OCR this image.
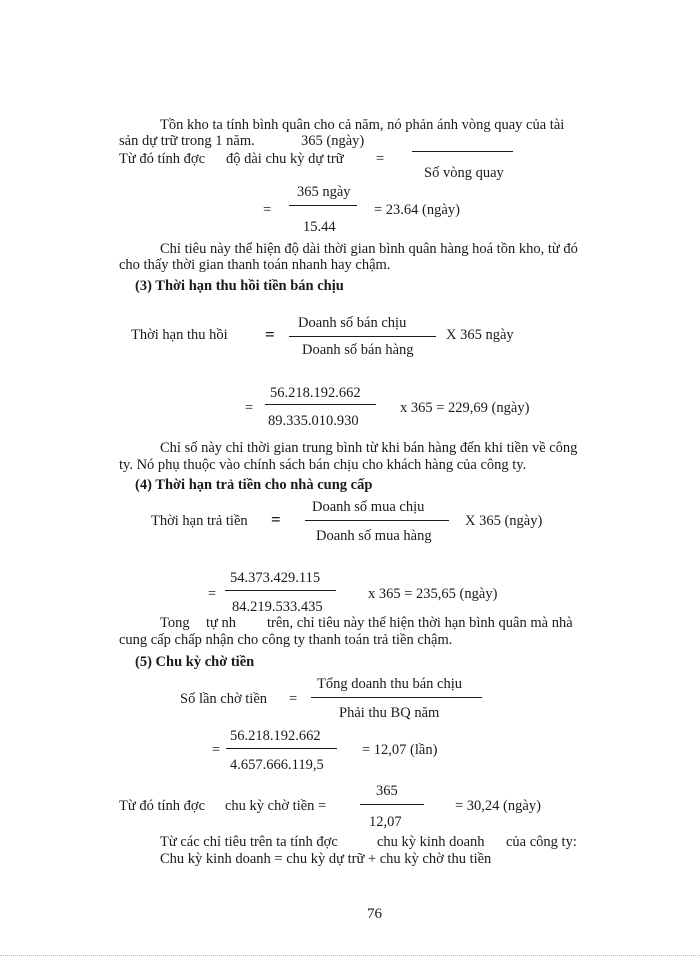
Tồn kho ta tính bình quân cho cả năm, nó phản ánh vòng quay của tài
sản dự trữ trong 1 năm.	365 (ngày)
Từ đó tính đợc độ dài chu kỳ dự trữ =
Số vòng quay
365 ngày
=	= 23.64 (ngày)
15.44
Chỉ tiêu này thể hiện độ dài thời gian bình quân hàng hoá tồn kho, từ đó
cho thấy thời gian thanh toán nhanh hay chậm.
(3) Thời hạn thu hồi tiền bán chịu
Doanh số bán chịu
Thời hạn thu hồi =	X 365 ngày
Doanh số bán hàng
56.218.192.662
=	x 365 = 229,69 (ngày)
89.335.010.930
Chỉ số này chỉ thời gian trung bình từ khi bán hàng đến khi tiền về công
ty. Nó phụ thuộc vào chính sách bán chịu cho khách hàng của công ty.
(4) Thời hạn trả tiền cho nhà cung cấp
Doanh số mua chịu
Thời hạn trả tiền =	X 365 (ngày)
Doanh số mua hàng
54.373.429.115
=	x 365 = 235,65 (ngày)
84.219.533.435
Tong tự nh trên, chỉ tiêu này thể hiện thời hạn bình quân mà nhà
cung cấp chấp nhận cho công ty thanh toán trả tiền chậm.
(5) Chu kỳ chờ tiền
Tổng doanh thu bán chịu
Số lần chờ tiền =
Phải thu BQ năm
56.218.192.662
=	= 12,07 (lần)
4.657.666.119,5
365
Từ đó tính đợc chu kỳ chờ tiền =	= 30,24 (ngày)
12,07
Từ các chỉ tiêu trên ta tính đợc	chu kỳ kinh doanh của công ty:
Chu kỳ kinh doanh = chu kỳ dự trữ + chu kỳ chờ thu tiền
76
